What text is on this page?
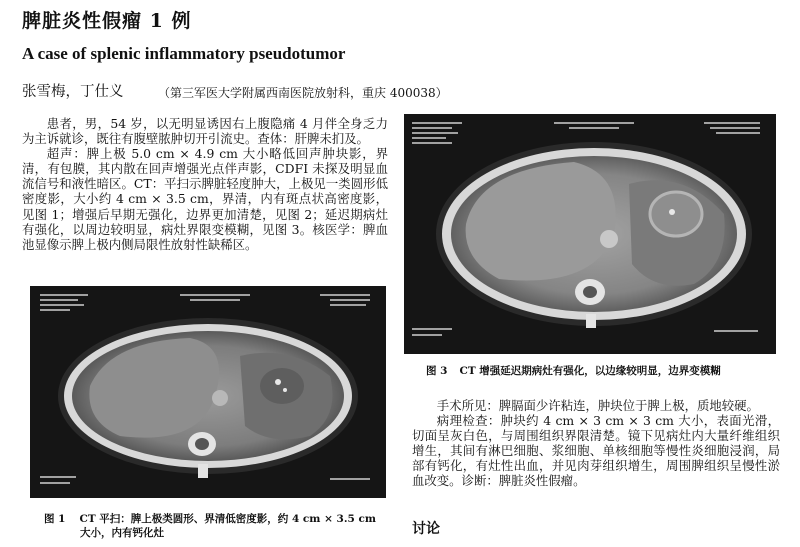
脾脏炎性假瘤 1 例
A case of splenic inflammatory pseudotumor
张雪梅，丁仕义	（第三军医大学附属西南医院放射科，重庆 400038）

患者，男，54 岁，以无明显诱因右上腹隐痛 4 月伴全身乏力为主诉就诊，既往有腹壁脓肿切开引流史。查体：肝脾未扪及。

超声：脾上极 5.0 cm × 4.9 cm 大小略低回声肿块影，界清，有包膜，其内散在回声增强光点伴声影，CDFI 未探及明显血流信号和液性暗区。CT：平扫示脾脏轻度肿大，上极见一类圆形低密度影，大小约 4 cm × 3.5 cm，界清，内有斑点状高密度影，见图 1；增强后早期无强化，边界更加清楚，见图 2；延迟期病灶有强化，以周边较明显，病灶界限变模糊，见图 3。核医学：脾血池显像示脾上极内侧局限性放射性缺稀区。

图 1 CT 平扫：脾上极类圆形、界清低密度影，约 4 cm × 3.5 cm
大小，内有钙化灶
图 3 CT 增强延迟期病灶有强化，以边缘较明显，边界变模糊

手术所见：脾膈面少许粘连，肿块位于脾上极，质地较硬。

病理检查：肿块约 4 cm × 3 cm × 3 cm 大小，表面光滑，切面呈灰白色，与周围组织界限清楚。镜下见病灶内大量纤维组织增生，其间有淋巴细胞、浆细胞、单核细胞等慢性炎细胞浸润，局部有钙化，有灶性出血，并见肉芽组织增生，周围脾组织呈慢性淤血改变。诊断：脾脏炎性假瘤。

讨论
